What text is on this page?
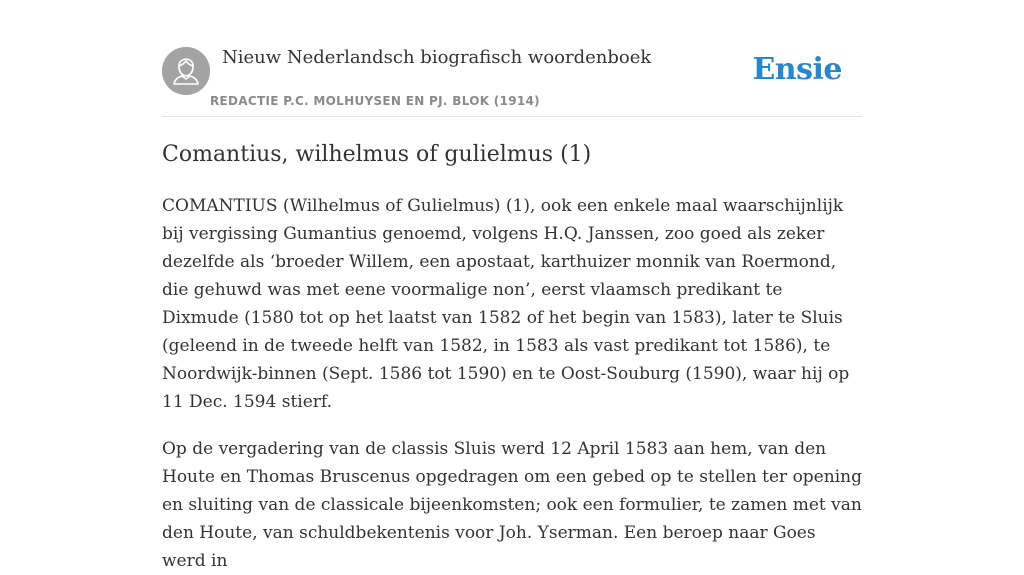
Nieuw Nederlandsch biografisch woordenboek
REDACTIE P.C. MOLHUYSEN EN PJ. BLOK (1914)
Ensie
Comantius, wilhelmus of gulielmus (1)

COMANTIUS (Wilhelmus of Gulielmus) (1), ook een enkele maal waarschijnlijk bij vergissing Gumantius genoemd, volgens H.Q. Janssen, zoo goed als zeker dezelfde als ‘broeder Willem, een apostaat, karthuizer monnik van Roermond, die gehuwd was met eene voormalige non’, eerst vlaamsch predikant te Dixmude (1580 tot op het laatst van 1582 of het begin van 1583), later te Sluis (geleend in de tweede helft van 1582, in 1583 als vast predikant tot 1586), te Noordwijk-binnen (Sept. 1586 tot 1590) en te Oost-Souburg (1590), waar hij op 11 Dec. 1594 stierf.

Op de vergadering van de classis Sluis werd 12 April 1583 aan hem, van den Houte en Thomas Bruscenus opgedragen om een gebed op te stellen ter opening en sluiting van de classicale bijeenkomsten; ook een formulier, te zamen met van den Houte, van schuldbekentenis voor Joh. Yserman. Een beroep naar Goes werd in
